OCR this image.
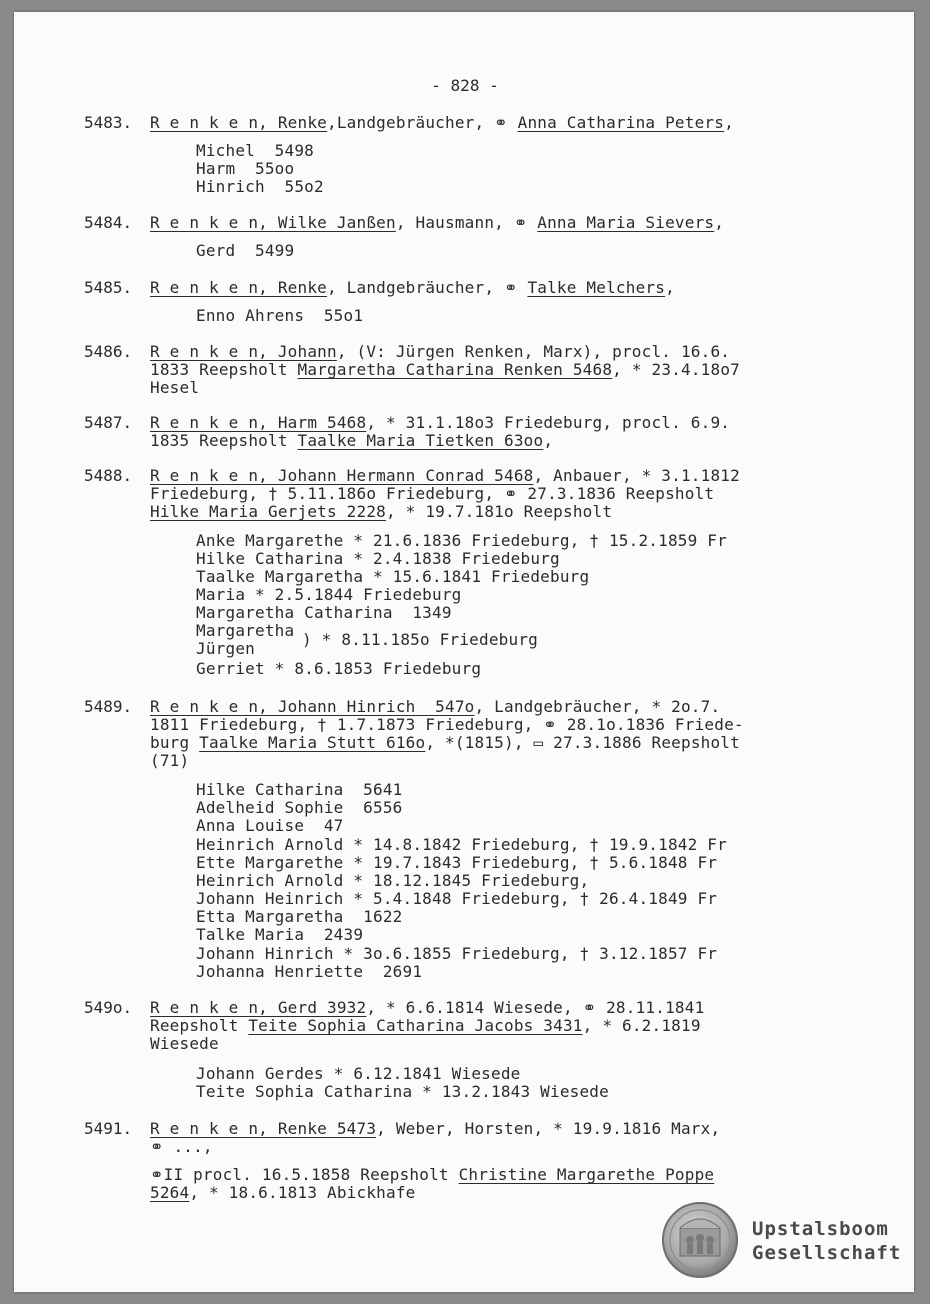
- 828 -
5483. R e n k e n, Renke,Landgebräucher, ⚭ Anna Catharina Peters,
Michel  5498
Harm  55oo
Hinrich  55o2
5484. R e n k e n, Wilke Janßen, Hausmann, ⚭ Anna Maria Sievers,
Gerd  5499
5485. R e n k e n, Renke, Landgebräucher, ⚭ Talke Melchers,
Enno Ahrens  55o1
5486. R e n k e n, Johann, (V: Jürgen Renken, Marx), procl. 16.6.
1833 Reepsholt Margaretha Catharina Renken 5468, * 23.4.18o7
Hesel
5487. R e n k e n, Harm 5468, * 31.1.18o3 Friedeburg, procl. 6.9.
1835 Reepsholt Taalke Maria Tietken 63oo,
5488. R e n k e n, Johann Hermann Conrad 5468, Anbauer, * 3.1.1812
Friedeburg, † 5.11.186o Friedeburg, ⚭ 27.3.1836 Reepsholt
Hilke Maria Gerjets 2228, * 19.7.181o Reepsholt
Anke Margarethe * 21.6.1836 Friedeburg, † 15.2.1859 Fr
Hilke Catharina * 2.4.1838 Friedeburg
Taalke Margaretha * 15.6.1841 Friedeburg
Maria * 2.5.1844 Friedeburg
Margaretha Catharina  1349
Margaretha
Jürgen
Gerriet * 8.6.1853 Friedeburg
) * 8.11.185o Friedeburg
5489. R e n k e n, Johann Hinrich  547o, Landgebräucher, * 2o.7.
1811 Friedeburg, † 1.7.1873 Friedeburg, ⚭ 28.1o.1836 Friede-
burg Taalke Maria Stutt 616o, *(1815), ▭ 27.3.1886 Reepsholt
(71)
Hilke Catharina  5641
Adelheid Sophie  6556
Anna Louise  47
Heinrich Arnold * 14.8.1842 Friedeburg, † 19.9.1842 Fr
Ette Margarethe * 19.7.1843 Friedeburg, † 5.6.1848 Fr
Heinrich Arnold * 18.12.1845 Friedeburg,
Johann Heinrich * 5.4.1848 Friedeburg, † 26.4.1849 Fr
Etta Margaretha  1622
Talke Maria  2439
Johann Hinrich * 3o.6.1855 Friedeburg, † 3.12.1857 Fr
Johanna Henriette  2691
549o. R e n k e n, Gerd 3932, * 6.6.1814 Wiesede, ⚭ 28.11.1841
Reepsholt Teite Sophia Catharina Jacobs 3431, * 6.2.1819
Wiesede
Johann Gerdes * 6.12.1841 Wiesede
Teite Sophia Catharina * 13.2.1843 Wiesede
5491. R e n k e n, Renke 5473, Weber, Horsten, * 19.9.1816 Marx,
⚭ ...,
⚭II procl. 16.5.1858 Reepsholt Christine Margarethe Poppe
5264, * 18.6.1813 Abickhafe
Upstalsboom
Gesellschaft
